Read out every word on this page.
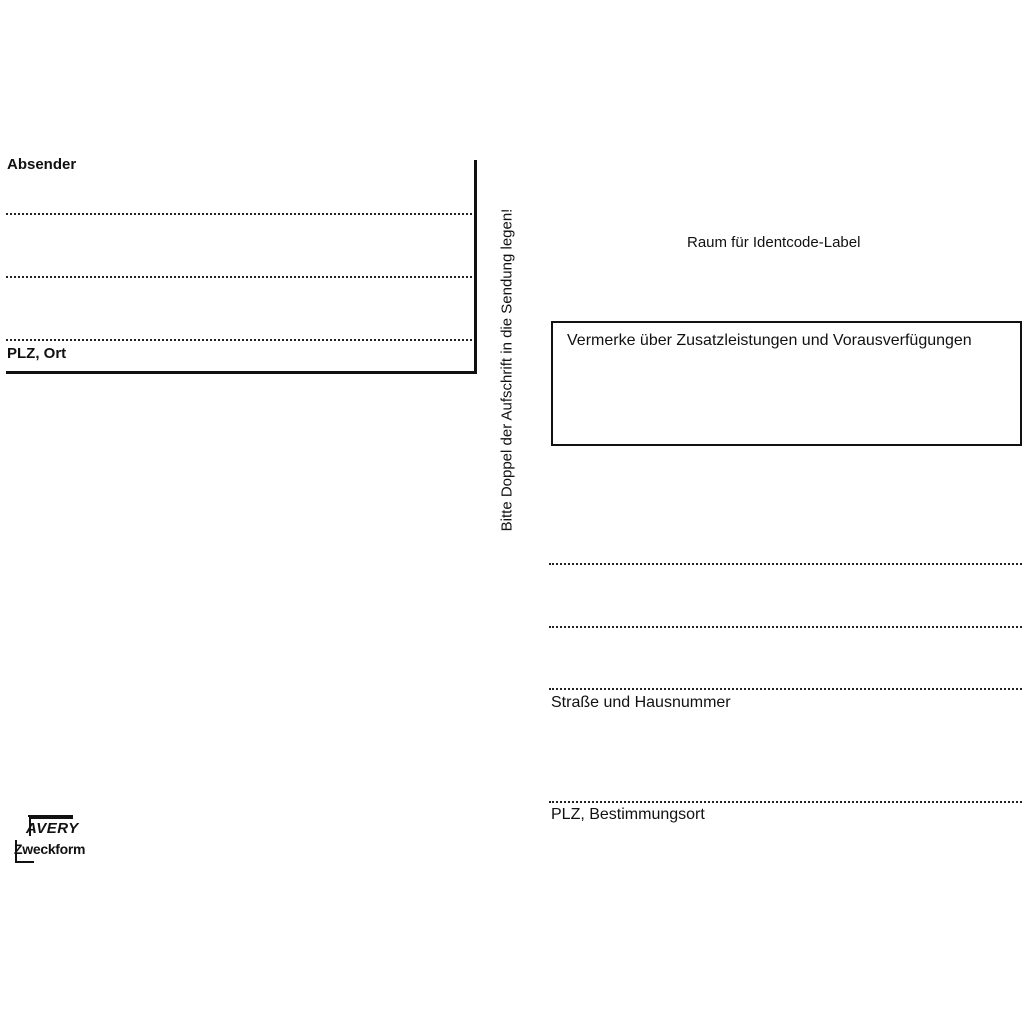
Absender
PLZ, Ort	Bitte Doppel der Aufschrift in die Sendung legen!	Raum für Identcode-Label
Vermerke über Zusatzleistungen und Vorausverfügungen
Straße und Hausnummer
PLZ, Bestimmungsort
AVERY
Zweckform
